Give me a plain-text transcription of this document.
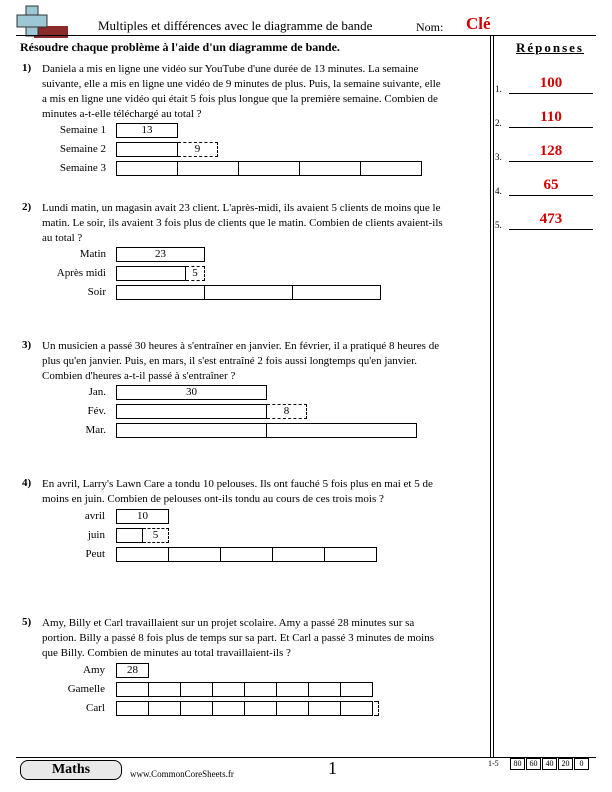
Multiples et différences avec le diagramme de bande	Nom: Clé
Résoudre chaque problème à l'aide d'un diagramme de bande.	Réponses
1.	100
2.	110
3.	128
4.	65
5.	473
1) Daniela a mis en ligne une vidéo sur YouTube d'une durée de 13 minutes. La semaine
suivante, elle a mis en ligne une vidéo de 9 minutes de plus. Puis, la semaine suivante, elle
a mis en ligne une vidéo qui était 5 fois plus longue que la première semaine. Combien de
minutes a-t-elle téléchargé au total ?
Semaine 1	13
Semaine 2	9
Semaine 3
2) Lundi matin, un magasin avait 23 client. L'après-midi, ils avaient 5 clients de moins que le
matin. Le soir, ils avaient 3 fois plus de clients que le matin. Combien de clients avaient-ils
au total ?
Matin	23
Après midi	5
Soir
3) Un musicien a passé 30 heures à s'entraîner en janvier. En février, il a pratiqué 8 heures de
plus qu'en janvier. Puis, en mars, il s'est entraîné 2 fois aussi longtemps qu'en janvier.
Combien d'heures a-t-il passé à s'entraîner ?
Jan.	30
Fév.	8
Mar.
4) En avril, Larry's Lawn Care a tondu 10 pelouses. Ils ont fauché 5 fois plus en mai et 5 de
moins en juin. Combien de pelouses ont-ils tondu au cours de ces trois mois ?
avril	10
juin	5
Peut
5) Amy, Billy et Carl travaillaient sur un projet scolaire. Amy a passé 28 minutes sur sa
portion. Billy a passé 8 fois plus de temps sur sa part. Et Carl a passé 3 minutes de moins
que Billy. Combien de minutes au total travaillaient-ils ?
Amy	28
Gamelle
Carl
Maths	www.CommonCoreSheets.fr	1	1-5	80	60	40	20	0
